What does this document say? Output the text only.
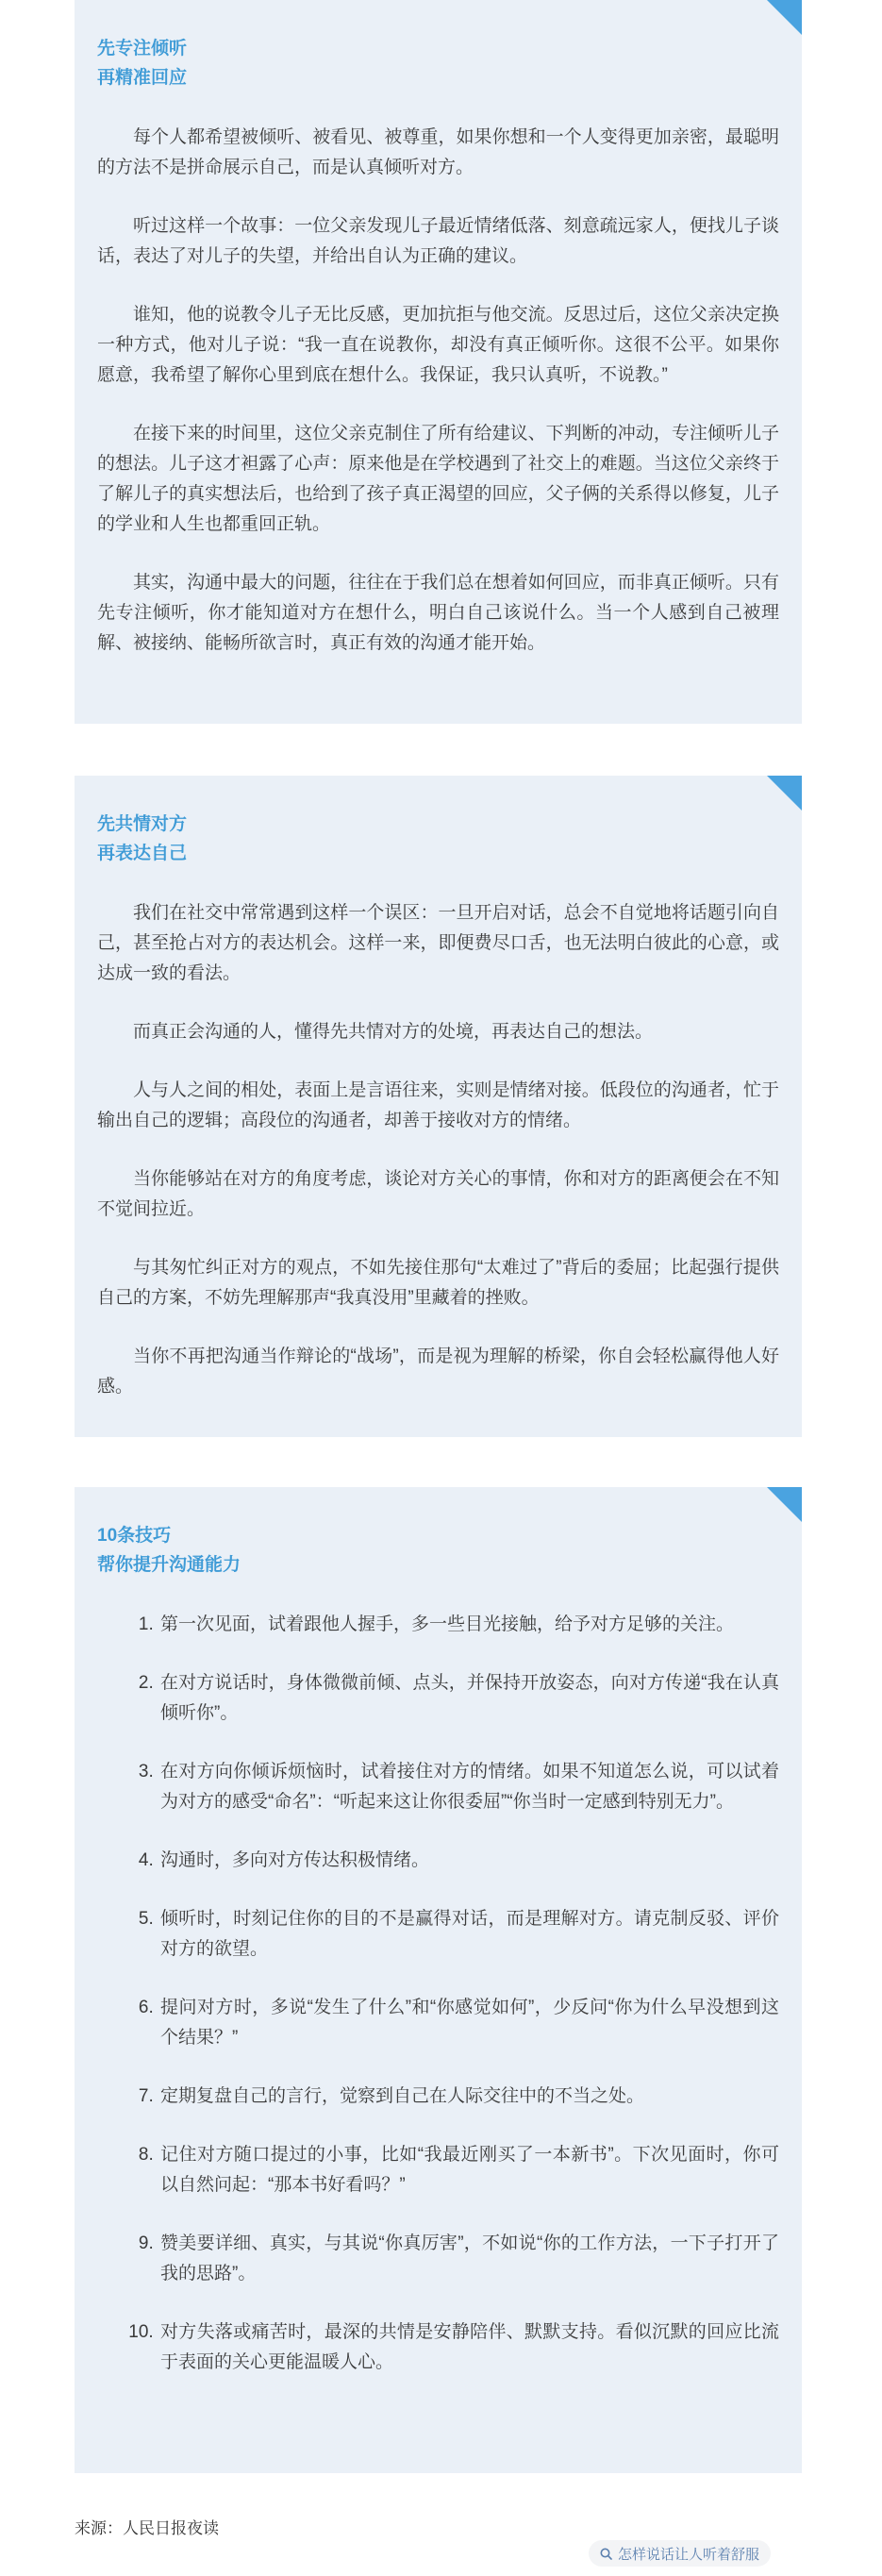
先专注倾听
再精准回应

每个人都希望被倾听、被看见、被尊重，如果你想和一个人变得更加亲密，最聪明的方法不是拼命展示自己，而是认真倾听对方。

听过这样一个故事：一位父亲发现儿子最近情绪低落、刻意疏远家人，便找儿子谈话，表达了对儿子的失望，并给出自认为正确的建议。

谁知，他的说教令儿子无比反感，更加抗拒与他交流。反思过后，这位父亲决定换一种方式，他对儿子说：“我一直在说教你，却没有真正倾听你。这很不公平。如果你愿意，我希望了解你心里到底在想什么。我保证，我只认真听，不说教。”

在接下来的时间里，这位父亲克制住了所有给建议、下判断的冲动，专注倾听儿子的想法。儿子这才袒露了心声：原来他是在学校遇到了社交上的难题。当这位父亲终于了解儿子的真实想法后，也给到了孩子真正渴望的回应，父子俩的关系得以修复，儿子的学业和人生也都重回正轨。

其实，沟通中最大的问题，往往在于我们总在想着如何回应，而非真正倾听。只有先专注倾听，你才能知道对方在想什么，明白自己该说什么。当一个人感到自己被理解、被接纳、能畅所欲言时，真正有效的沟通才能开始。

先共情对方
再表达自己

我们在社交中常常遇到这样一个误区：一旦开启对话，总会不自觉地将话题引向自己，甚至抢占对方的表达机会。这样一来，即便费尽口舌，也无法明白彼此的心意，或达成一致的看法。

而真正会沟通的人，懂得先共情对方的处境，再表达自己的想法。

人与人之间的相处，表面上是言语往来，实则是情绪对接。低段位的沟通者，忙于输出自己的逻辑；高段位的沟通者，却善于接收对方的情绪。

当你能够站在对方的角度考虑，谈论对方关心的事情，你和对方的距离便会在不知不觉间拉近。

与其匆忙纠正对方的观点，不如先接住那句“太难过了”背后的委屈；比起强行提供自己的方案，不妨先理解那声“我真没用”里藏着的挫败。

当你不再把沟通当作辩论的“战场”，而是视为理解的桥梁，你自会轻松赢得他人好感。

10条技巧
帮你提升沟通能力
1. 第一次见面，试着跟他人握手，多一些目光接触，给予对方足够的关注。
2. 在对方说话时，身体微微前倾、点头，并保持开放姿态，向对方传递“我在认真倾听你”。
3. 在对方向你倾诉烦恼时，试着接住对方的情绪。如果不知道怎么说，可以试着为对方的感受“命名”：“听起来这让你很委屈”“你当时一定感到特别无力”。
4. 沟通时，多向对方传达积极情绪。
5. 倾听时，时刻记住你的目的不是赢得对话，而是理解对方。请克制反驳、评价对方的欲望。
6. 提问对方时，多说“发生了什么”和“你感觉如何”，少反问“你为什么早没想到这个结果？”
7. 定期复盘自己的言行，觉察到自己在人际交往中的不当之处。
8. 记住对方随口提过的小事，比如“我最近刚买了一本新书”。下次见面时，你可以自然问起：“那本书好看吗？”
9. 赞美要详细、真实，与其说“你真厉害”，不如说“你的工作方法，一下子打开了我的思路”。
10. 对方失落或痛苦时，最深的共情是安静陪伴、默默支持。看似沉默的回应比流于表面的关心更能温暖人心。
来源：人民日报夜读
怎样说话让人听着舒服
